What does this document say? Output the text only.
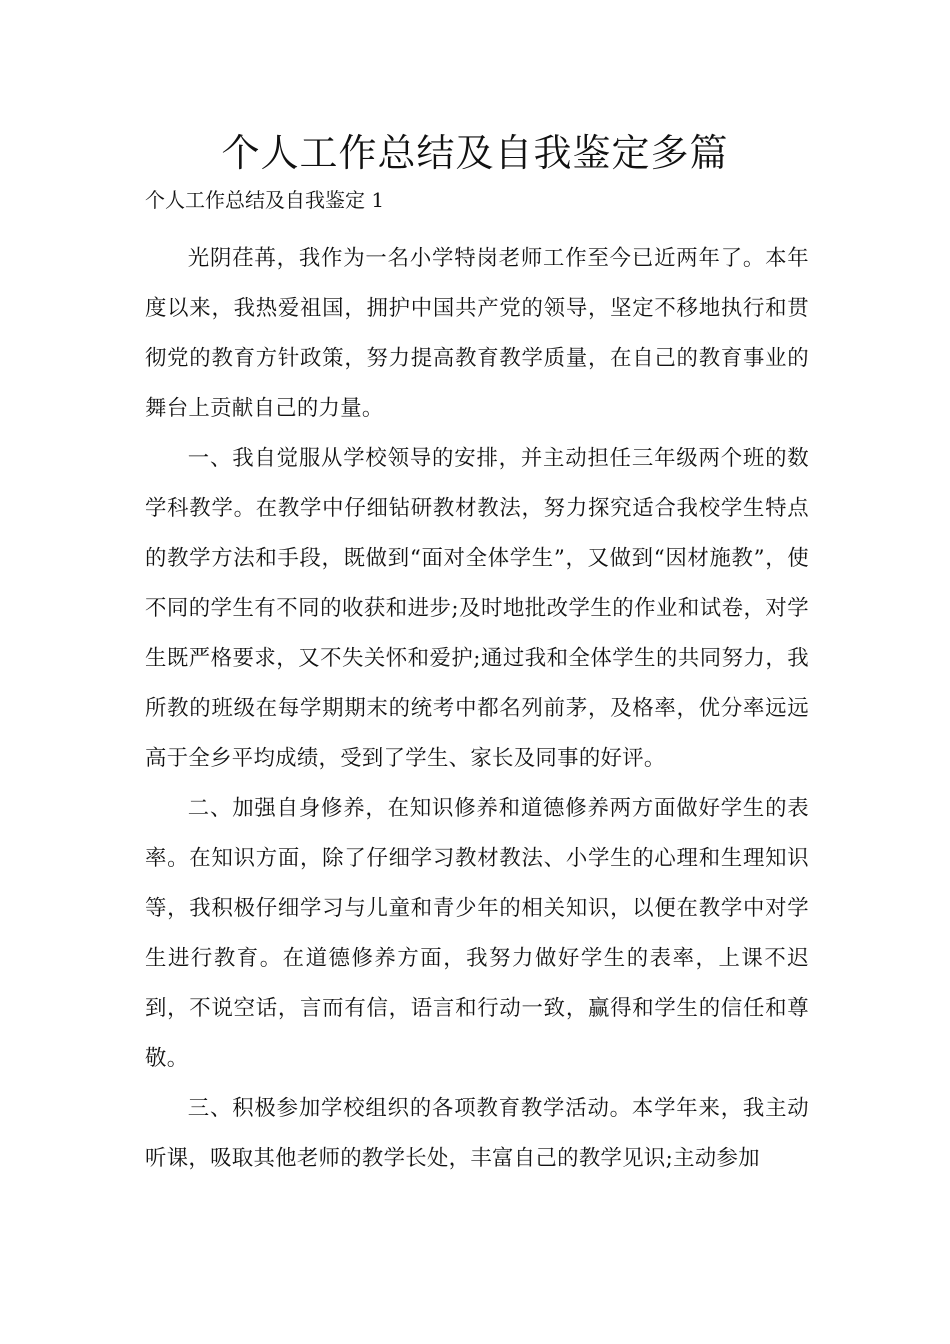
个人工作总结及自我鉴定多篇
个人工作总结及自我鉴定 1

光阴荏苒，我作为一名小学特岗老师工作至今已近两年了。本年度以来，我热爱祖国，拥护中国共产党的领导，坚定不移地执行和贯彻党的教育方针政策，努力提高教育教学质量，在自己的教育事业的舞台上贡献自己的力量。

一、我自觉服从学校领导的安排，并主动担任三年级两个班的数学科教学。在教学中仔细钻研教材教法，努力探究适合我校学生特点的教学方法和手段，既做到“面对全体学生”，又做到“因材施教”，使不同的学生有不同的收获和进步;及时地批改学生的作业和试卷，对学生既严格要求，又不失关怀和爱护;通过我和全体学生的共同努力，我所教的班级在每学期期末的统考中都名列前茅，及格率，优分率远远高于全乡平均成绩，受到了学生、家长及同事的好评。

二、加强自身修养，在知识修养和道德修养两方面做好学生的表率。在知识方面，除了仔细学习教材教法、小学生的心理和生理知识等，我积极仔细学习与儿童和青少年的相关知识，以便在教学中对学生进行教育。在道德修养方面，我努力做好学生的表率，上课不迟到，不说空话，言而有信，语言和行动一致，赢得和学生的信任和尊敬。

三、积极参加学校组织的各项教育教学活动。本学年来，我主动听课，吸取其他老师的教学长处，丰富自己的教学见识;主动参加
